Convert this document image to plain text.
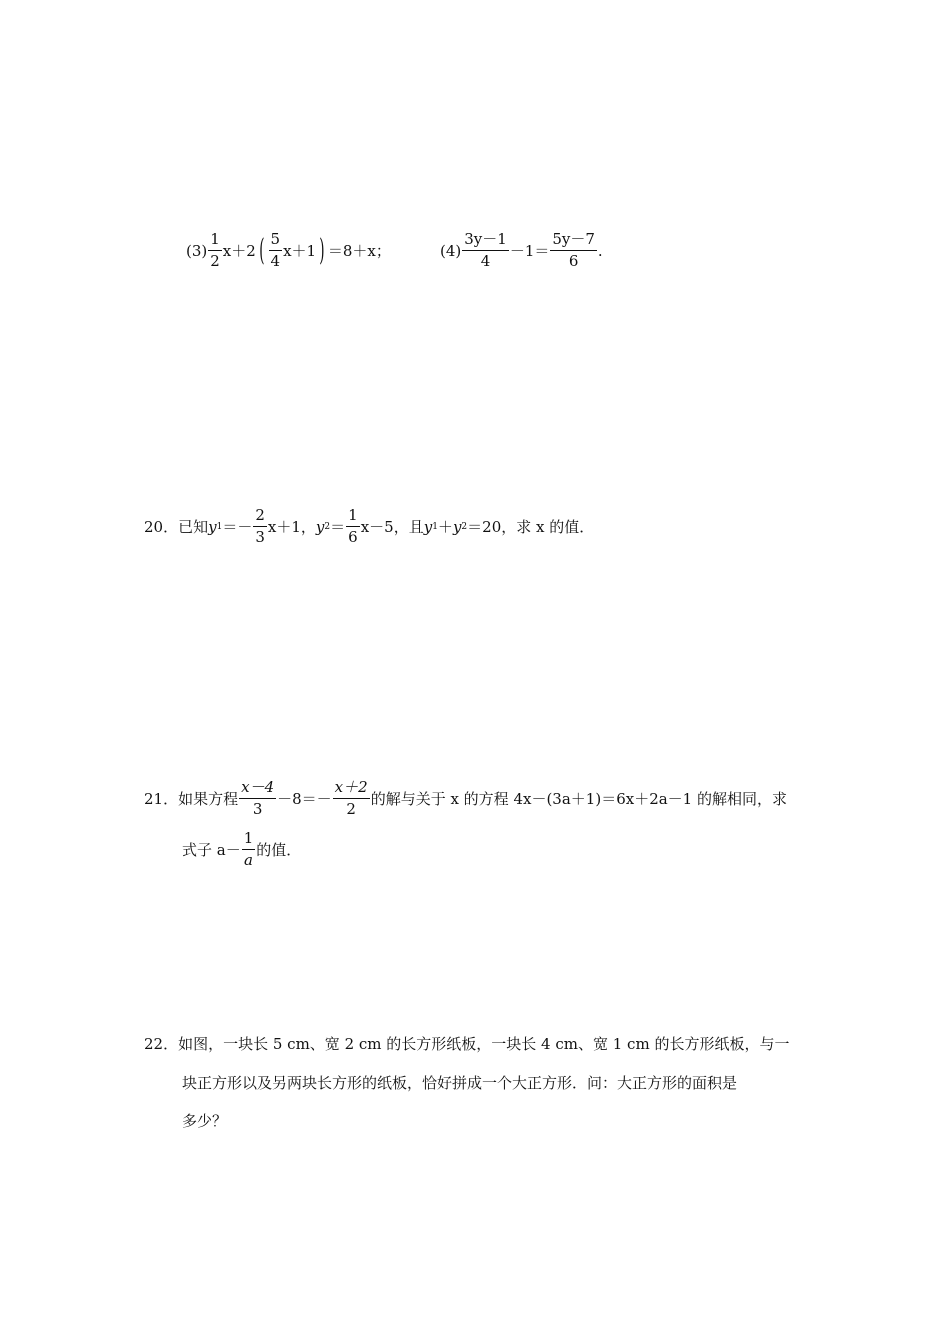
$(3) \frac{1}{2} x+2$ ( $\frac{5}{4} x+1$ ) ＝8＋x；	$(4) \frac{3y-1}{4} -1= \frac{5y-7}{6}$ .
20． 已知 y $1 =- \frac{2}{3} x+1$， y $2 = \frac{1}{6} x-5$，且 y 1 ＋ y 2 ＝20，求 x 的值．
21． 如果方程 $\frac{x-4}{3} -8=- \frac{x+2}{2}$ 的解与关于 x 的方程 4x－(3a＋1)＝6x＋2a－1 的解相同，求
式子 $a- \frac{1}{a}$ 的值．
22． 如图，一块长 5 cm、宽 2 cm 的长方形纸板，一块长 4 cm、宽 1 cm 的长方形纸板，与一
块正方形以及另两块长方形的纸板，恰好拼成一个大正方形．问：大正方形的面积是
多少？
